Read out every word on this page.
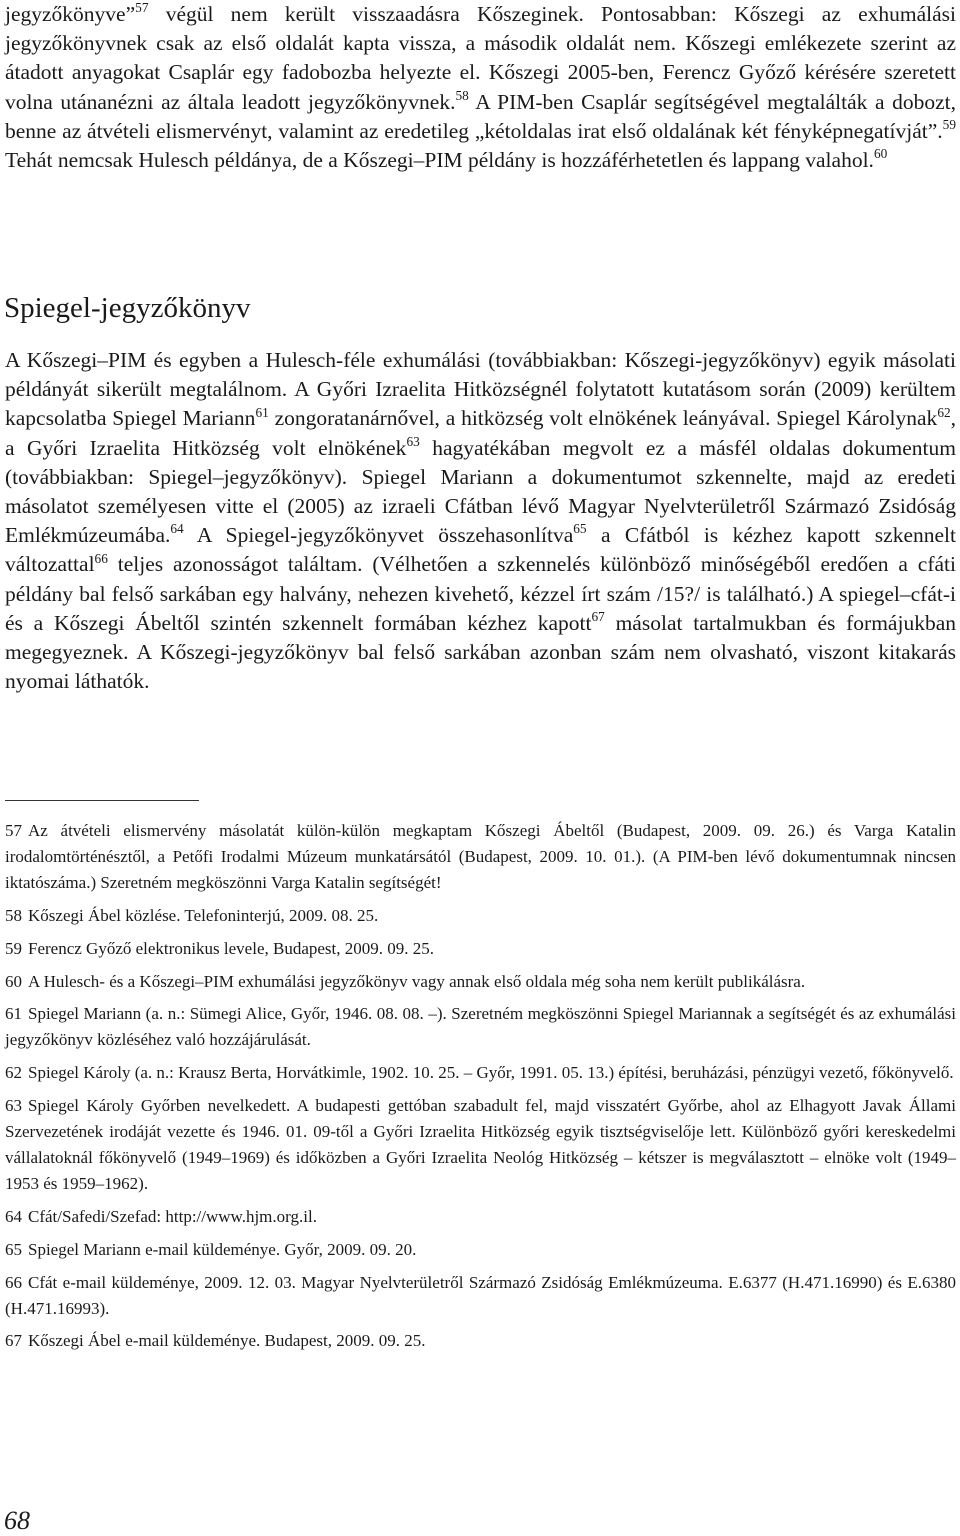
jegyzőkönyve”$^{57}$ végül nem került visszaadásra Kőszeginek. Pontosabban: Kőszegi az exhumálási jegyzőkönyvnek csak az első oldalát kapta vissza, a második oldalát nem. Kőszegi emlékezete szerint az átadott anyagokat Csaplár egy fadobozba helyezte el. Kőszegi 2005-ben, Ferencz Győző kérésére szeretett volna utánanézni az általa leadott jegyzőkönyvnek.$^{58}$ A PIM-ben Csaplár segítségével megtalálták a dobozt, benne az átvételi elismervényt, valamint az eredetileg „kétoldalas irat első oldalának két fényképnegatívját”.$^{59}$ Tehát nemcsak Hulesch példánya, de a Kőszegi–PIM példány is hozzáférhetetlen és lappang valahol.$^{60}$

Spiegel-jegyzőkönyv

A Kőszegi–PIM és egyben a Hulesch-féle exhumálási (továbbiakban: Kőszegi-jegyzőkönyv) egyik másolati példányát sikerült megtalálnom. A Győri Izraelita Hitközségnél folytatott kutatásom során (2009) kerültem kapcsolatba Spiegel Mariann$^{61}$ zongoratanárnővel, a hitközség volt elnökének leányával. Spiegel Károlynak$^{62}$, a Győri Izraelita Hitközség volt elnökének$^{63}$ hagyatékában megvolt ez a másfél oldalas dokumentum (továbbiakban: Spiegel–jegyzőkönyv). Spiegel Mariann a dokumentumot szkennelte, majd az eredeti másolatot személyesen vitte el (2005) az izraeli Cfátban lévő Magyar Nyelvterületről Származó Zsidóság Emlékmúzeumába.$^{64}$ A Spiegel-jegyzőkönyvet összehasonlítva$^{65}$ a Cfátból is kézhez kapott szkennelt változattal$^{66}$ teljes azonosságot találtam. (Vélhetően a szkennelés különböző minőségéből eredően a cfáti példány bal felső sarkában egy halvány, nehezen kivehető, kézzel írt szám /15?/ is található.) A spiegel–cfát-i és a Kőszegi Ábeltől szintén szkennelt formában kézhez kapott$^{67}$ másolat tartalmukban és formájukban megegyeznek. A Kőszegi-jegyzőkönyv bal felső sarkában azonban szám nem olvasható, viszont kitakarás nyomai láthatók.

57 Az átvételi elismervény másolatát külön-külön megkaptam Kőszegi Ábeltől (Budapest, 2009. 09. 26.) és Varga Katalin irodalomtörténésztől, a Petőfi Irodalmi Múzeum munkatársától (Budapest, 2009. 10. 01.). (A PIM-ben lévő dokumentumnak nincsen iktatószáma.) Szeretném megköszönni Varga Katalin segítségét!

58 Kőszegi Ábel közlése. Telefoninterjú, 2009. 08. 25.

59 Ferencz Győző elektronikus levele, Budapest, 2009. 09. 25.

60 A Hulesch- és a Kőszegi–PIM exhumálási jegyzőkönyv vagy annak első oldala még soha nem került publikálásra.

61 Spiegel Mariann (a. n.: Sümegi Alice, Győr, 1946. 08. 08. –). Szeretném megköszönni Spiegel Mariannak a segítségét és az exhumálási jegyzőkönyv közléséhez való hozzájárulását.

62 Spiegel Károly (a. n.: Krausz Berta, Horvátkimle, 1902. 10. 25. – Győr, 1991. 05. 13.) építési, beruházási, pénzügyi vezető, főkönyvelő.

63 Spiegel Károly Győrben nevelkedett. A budapesti gettóban szabadult fel, majd visszatért Győrbe, ahol az Elhagyott Javak Állami Szervezetének irodáját vezette és 1946. 01. 09-től a Győri Izraelita Hitközség egyik tisztségviselője lett. Különböző győri kereskedelmi vállalatoknál főkönyvelő (1949–1969) és időközben a Győri Izraelita Neológ Hitközség – kétszer is megválasztott – elnöke volt (1949–1953 és 1959–1962).

64 Cfát/Safedi/Szefad: http://www.hjm.org.il.

65 Spiegel Mariann e-mail küldeménye. Győr, 2009. 09. 20.

66 Cfát e-mail küldeménye, 2009. 12. 03. Magyar Nyelvterületről Származó Zsidóság Emlékmúzeuma. E.6377 (H.471.16990) és E.6380 (H.471.16993).

67 Kőszegi Ábel e-mail küldeménye. Budapest, 2009. 09. 25.

68
